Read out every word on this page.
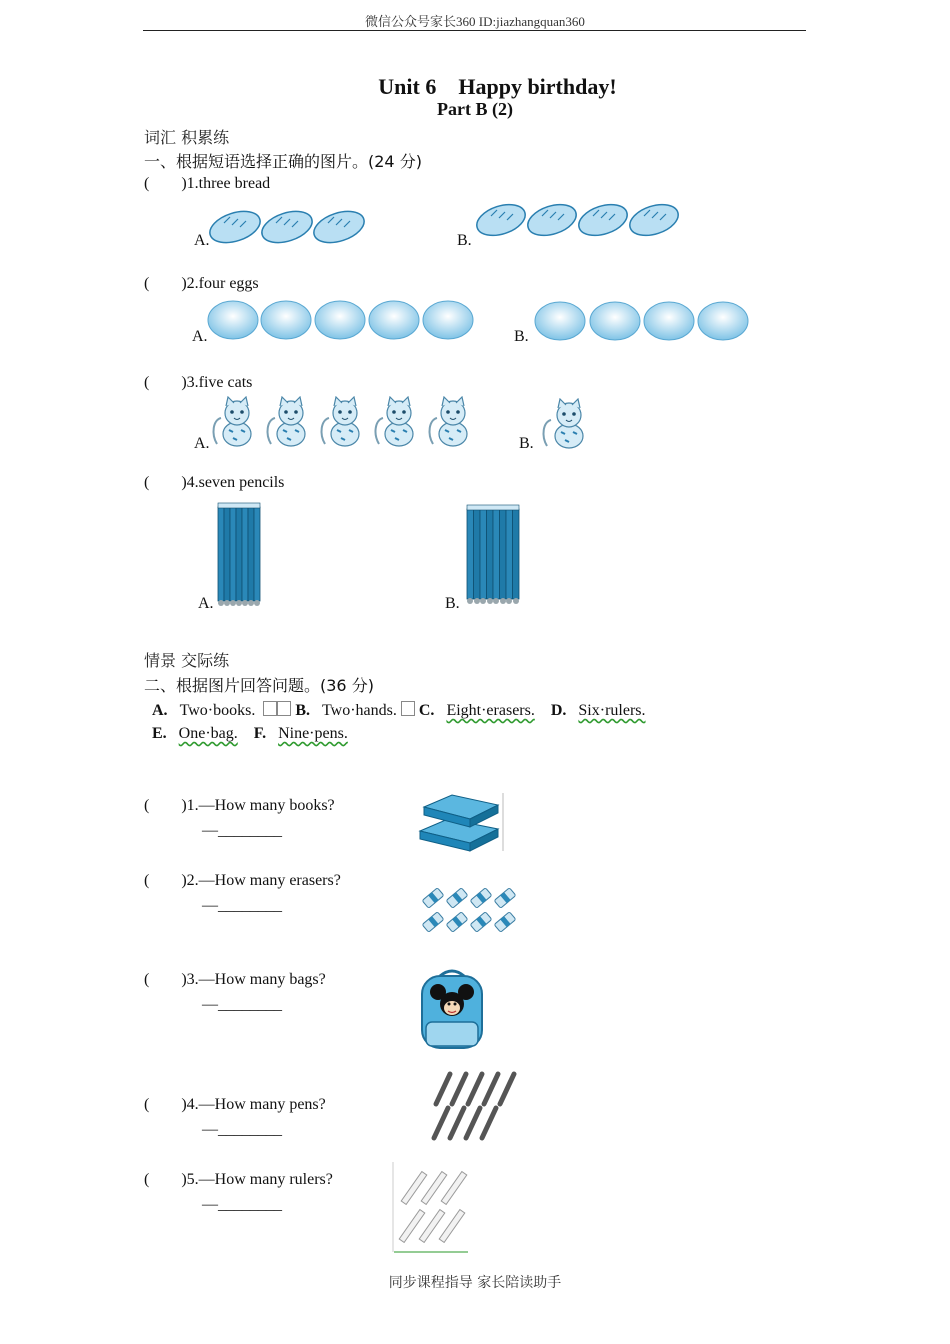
微信公众号家长360 ID:jiazhangquan360
Unit 6　Happy birthday!
Part B (2)
词汇 积累练
一、根据短语选择正确的图片。(24 分)
(        )1.three bread
A.	B.
(        )2.four eggs
A.	B.
(        )3.five cats
A.	B.
(        )4.seven pencils
A.	B.
情景 交际练
二、根据图片回答问题。(36 分)
A. Two·books.	B. Two·hands. C. Eight·erasers. D. Six·rulers.
E. One·bag. F. Nine·pens.
(        )1.—How many books?
—________
(        )2.—How many erasers?
—________
(        )3.—How many bags?
—________
(        )4.—How many pens?
—________
(        )5.—How many rulers?
—________
同步课程指导 家长陪读助手
